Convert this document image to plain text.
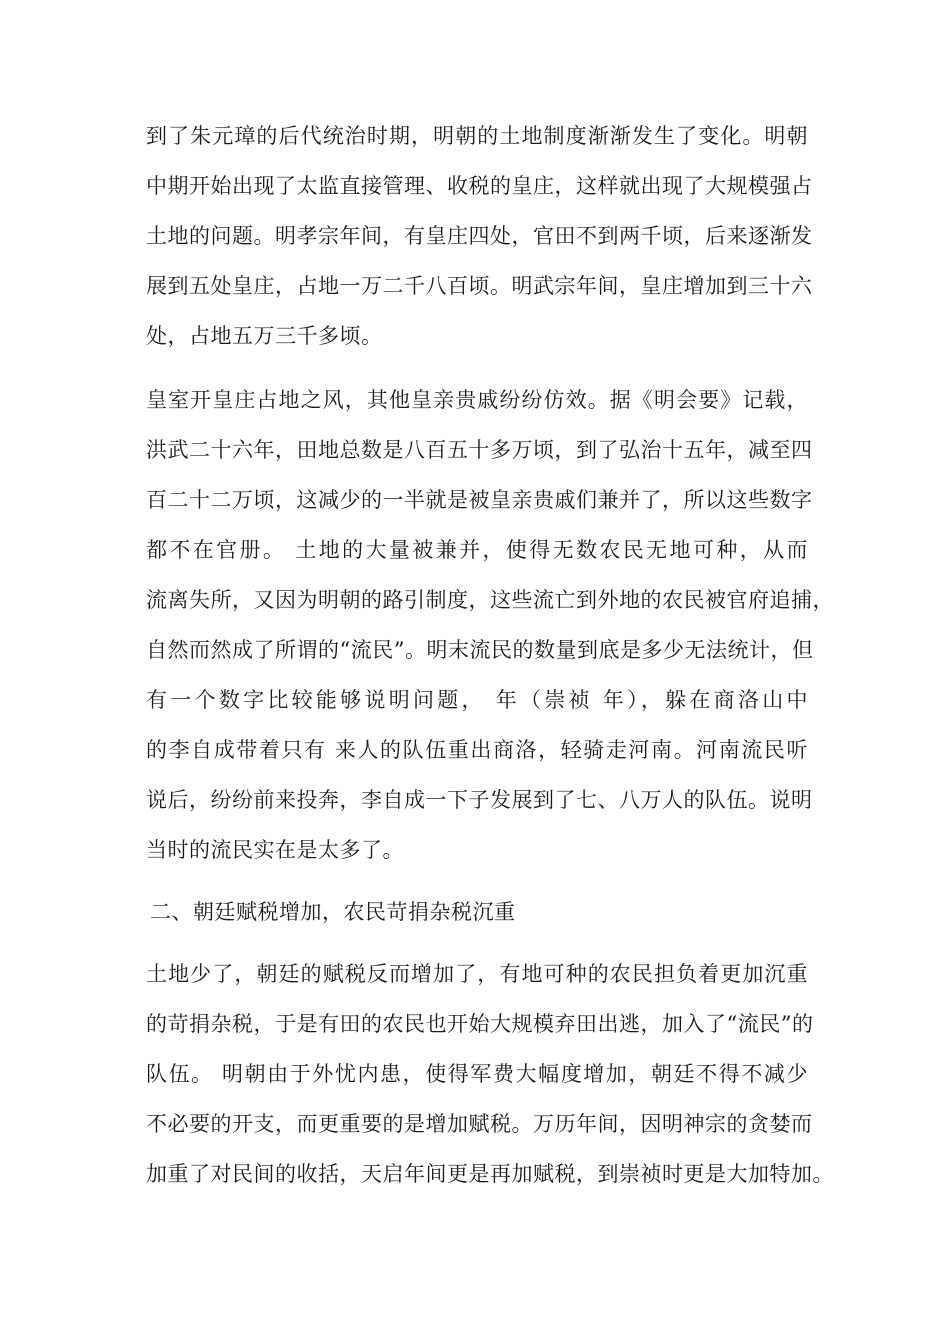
到了朱元璋的后代统治时期，明朝的土地制度渐渐发生了变化。明朝
中期开始出现了太监直接管理、收税的皇庄，这样就出现了大规模强占
土地的问题。明孝宗年间，有皇庄四处，官田不到两千顷，后来逐渐发
展到五处皇庄，占地一万二千八百顷。明武宗年间，皇庄增加到三十六
处，占地五万三千多顷。
皇室开皇庄占地之风，其他皇亲贵戚纷纷仿效。据《明会要》记载，
洪武二十六年，田地总数是八百五十多万顷，到了弘治十五年，减至四
百二十二万顷，这减少的一半就是被皇亲贵戚们兼并了，所以这些数字
都不在官册。 土地的大量被兼并，使得无数农民无地可种，从而
流离失所，又因为明朝的路引制度，这些流亡到外地的农民被官府追捕，
自然而然成了所谓的“流民”。明末流民的数量到底是多少无法统计，但
有一个数字比较能够说明问题， 年（崇祯 年），躲在商洛山中
的李自成带着只有 来人的队伍重出商洛，轻骑走河南。河南流民听
说后，纷纷前来投奔，李自成一下子发展到了七、八万人的队伍。说明
当时的流民实在是太多了。
二、朝廷赋税增加，农民苛捐杂税沉重
土地少了，朝廷的赋税反而增加了，有地可种的农民担负着更加沉重
的苛捐杂税，于是有田的农民也开始大规模弃田出逃，加入了“流民”的
队伍。 明朝由于外忧内患，使得军费大幅度增加，朝廷不得不减少
不必要的开支，而更重要的是增加赋税。万历年间，因明神宗的贪婪而
加重了对民间的收括，天启年间更是再加赋税，到崇祯时更是大加特加。
